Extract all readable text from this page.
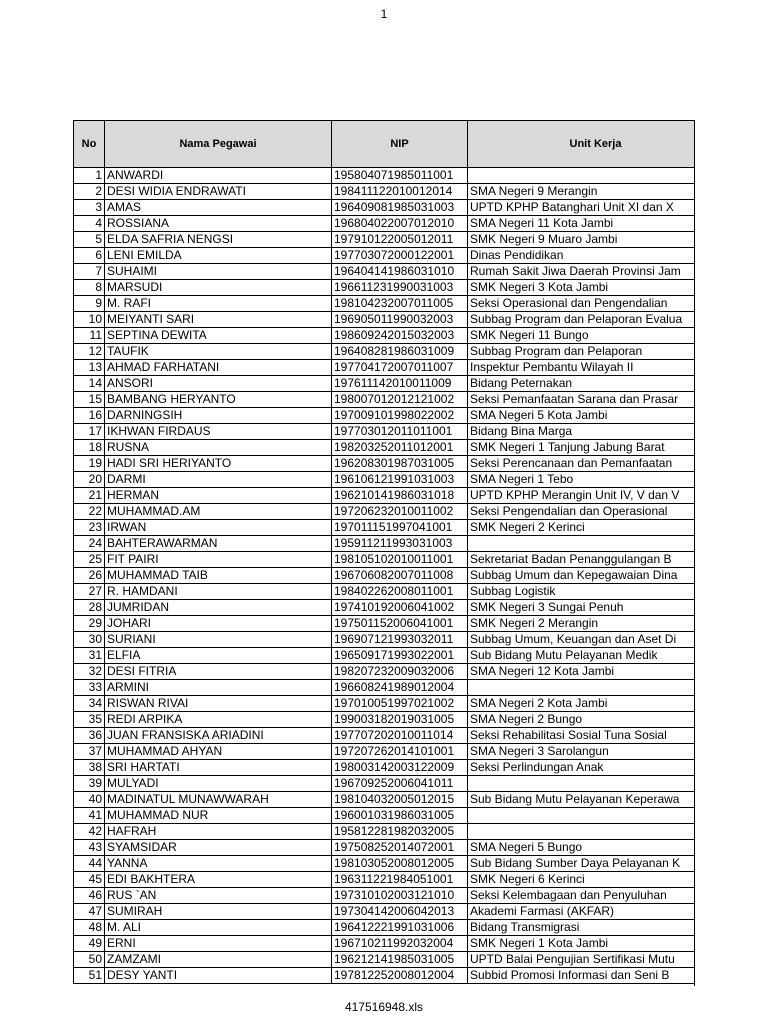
1
No	Nama Pegawai	NIP	Unit Kerja
1	ANWARDI	195804071985011001	
2	DESI WIDIA ENDRAWATI	198411122010012014	SMA Negeri 9 Merangin
3	AMAS	196409081985031003	UPTD KPHP Batanghari Unit XI dan X
4	ROSSIANA	196804022007012010	SMA Negeri 11 Kota Jambi
5	ELDA SAFRIA NENGSI	197910122005012011	SMK Negeri 9 Muaro Jambi
6	LENI EMILDA	197703072000122001	Dinas Pendidikan
7	SUHAIMI	196404141986031010	Rumah Sakit Jiwa Daerah Provinsi Jam
8	MARSUDI	196611231990031003	SMK Negeri 3 Kota Jambi
9	M. RAFI	198104232007011005	Seksi Operasional dan Pengendalian
10	MEIYANTI SARI	196905011990032003	Subbag Program dan Pelaporan Evalua
11	SEPTINA DEWITA	198609242015032003	SMK Negeri 11 Bungo
12	TAUFIK	196408281986031009	Subbag Program dan Pelaporan
13	AHMAD FARHATANI	197704172007011007	Inspektur Pembantu Wilayah II
14	ANSORI	197611142010011009	Bidang Peternakan
15	BAMBANG HERYANTO	198007012012121002	Seksi Pemanfaatan Sarana dan Prasar
16	DARNINGSIH	197009101998022002	SMA Negeri 5 Kota Jambi
17	IKHWAN FIRDAUS	197703012011011001	Bidang Bina Marga
18	RUSNA	198203252011012001	SMK Negeri 1 Tanjung Jabung Barat
19	HADI SRI HERIYANTO	196208301987031005	Seksi Perencanaan dan Pemanfaatan
20	DARMI	196106121991031003	SMA Negeri 1 Tebo
21	HERMAN	196210141986031018	UPTD KPHP Merangin Unit IV, V dan V
22	MUHAMMAD.AM	197206232010011002	Seksi Pengendalian dan Operasional
23	IRWAN	197011151997041001	SMK Negeri 2 Kerinci
24	BAHTERAWARMAN	195911211993031003	
25	FIT PAIRI	198105102010011001	Sekretariat Badan Penanggulangan B
26	MUHAMMAD TAIB	196706082007011008	Subbag Umum dan Kepegawaian Dina
27	R. HAMDANI	198402262008011001	Subbag Logistik
28	JUMRIDAN	197410192006041002	SMK Negeri 3 Sungai Penuh
29	JOHARI	197501152006041001	SMK Negeri 2 Merangin
30	SURIANI	196907121993032011	Subbag Umum, Keuangan dan Aset Di
31	ELFIA	196509171993022001	Sub Bidang Mutu Pelayanan Medik
32	DESI FITRIA	198207232009032006	SMA Negeri 12 Kota Jambi
33	ARMINI	196608241989012004	
34	RISWAN RIVAI	197010051997021002	SMA Negeri 2 Kota Jambi
35	REDI ARPIKA	199003182019031005	SMA Negeri 2 Bungo
36	JUAN FRANSISKA ARIADINI	197707202010011014	Seksi Rehabilitasi Sosial Tuna Sosial
37	MUHAMMAD AHYAN	197207262014101001	SMA Negeri 3 Sarolangun
38	SRI HARTATI	198003142003122009	Seksi Perlindungan Anak
39	MULYADI	196709252006041011	
40	MADINATUL MUNAWWARAH	198104032005012015	Sub Bidang Mutu Pelayanan Keperawa
41	MUHAMMAD NUR	196001031986031005	
42	HAFRAH	195812281982032005	
43	SYAMSIDAR	197508252014072001	SMA Negeri 5 Bungo
44	YANNA	198103052008012005	Sub Bidang Sumber Daya Pelayanan K
45	EDI BAKHTERA	196311221984051001	SMK Negeri 6 Kerinci
46	RUS `AN	197310102003121010	Seksi Kelembagaan dan Penyuluhan
47	SUMIRAH	197304142006042013	Akademi Farmasi (AKFAR)
48	M. ALI	196412221991031006	Bidang Transmigrasi
49	ERNI	196710211992032004	SMK Negeri 1 Kota Jambi
50	ZAMZAMI	196212141985031005	UPTD Balai Pengujian Sertifikasi Mutu
51	DESY YANTI	197812252008012004	Subbid Promosi Informasi dan Seni B
417516948.xls
